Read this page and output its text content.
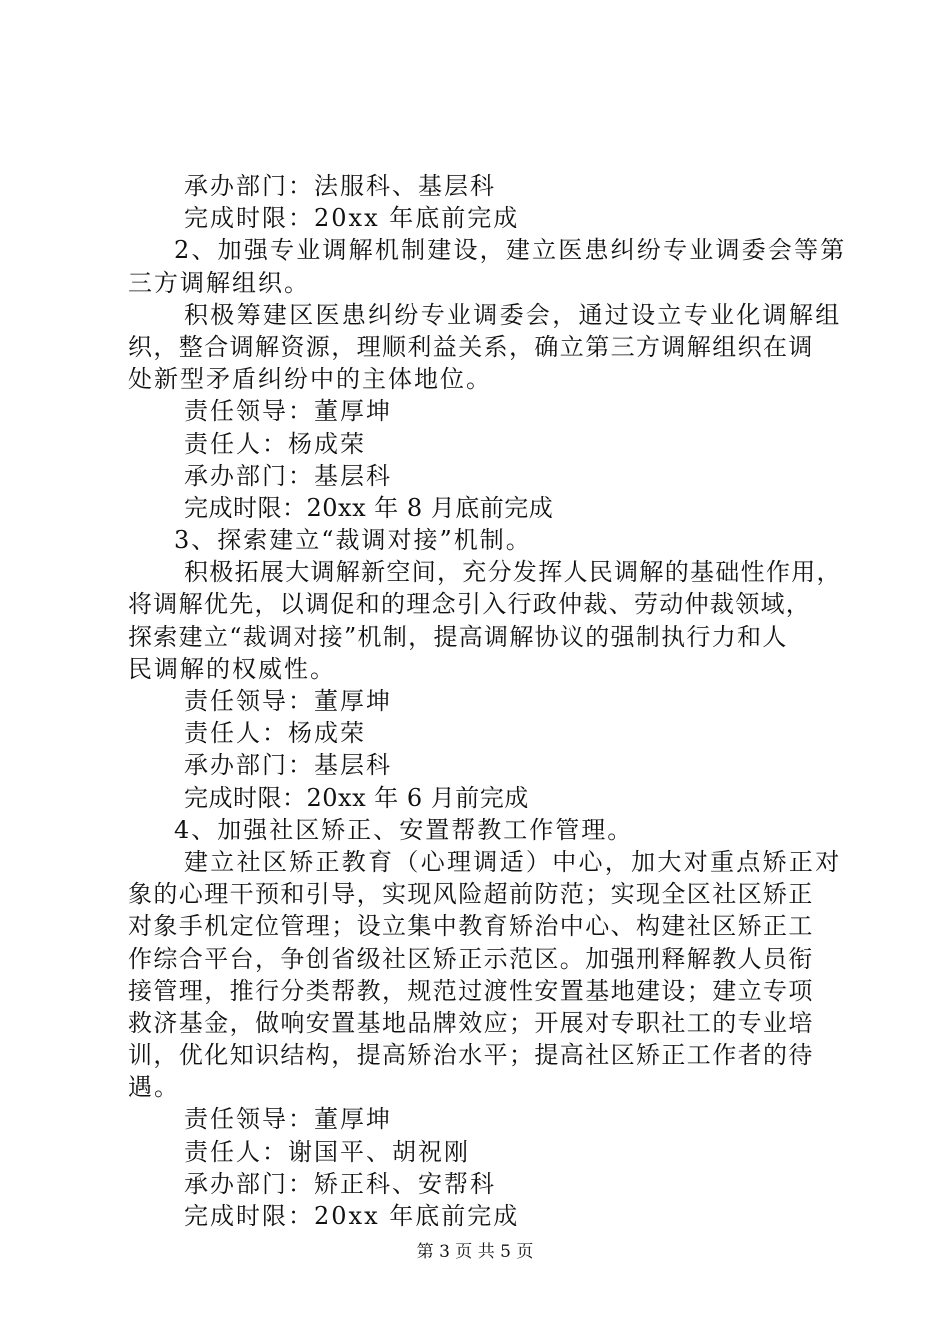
承办部门：法服科、基层科
完成时限：20xx 年底前完成
2、加强专业调解机制建设，建立医患纠纷专业调委会等第
三方调解组织。
积极筹建区医患纠纷专业调委会，通过设立专业化调解组
织，整合调解资源，理顺利益关系，确立第三方调解组织在调
处新型矛盾纠纷中的主体地位。
责任领导：董厚坤
责任人：杨成荣
承办部门：基层科
完成时限：20xx 年 8 月底前完成
3、探索建立“裁调对接”机制。
积极拓展大调解新空间，充分发挥人民调解的基础性作用，
将调解优先，以调促和的理念引入行政仲裁、劳动仲裁领域，
探索建立“裁调对接”机制，提高调解协议的强制执行力和人
民调解的权威性。
责任领导：董厚坤
责任人：杨成荣
承办部门：基层科
完成时限：20xx 年 6 月前完成
4、加强社区矫正、安置帮教工作管理。
建立社区矫正教育（心理调适）中心，加大对重点矫正对
象的心理干预和引导，实现风险超前防范；实现全区社区矫正
对象手机定位管理；设立集中教育矫治中心、构建社区矫正工
作综合平台，争创省级社区矫正示范区。加强刑释解教人员衔
接管理，推行分类帮教，规范过渡性安置基地建设；建立专项
救济基金，做响安置基地品牌效应；开展对专职社工的专业培
训，优化知识结构，提高矫治水平；提高社区矫正工作者的待
遇。
责任领导：董厚坤
责任人：谢国平、胡祝刚
承办部门：矫正科、安帮科
完成时限：20xx 年底前完成
第 3 页 共 5 页
